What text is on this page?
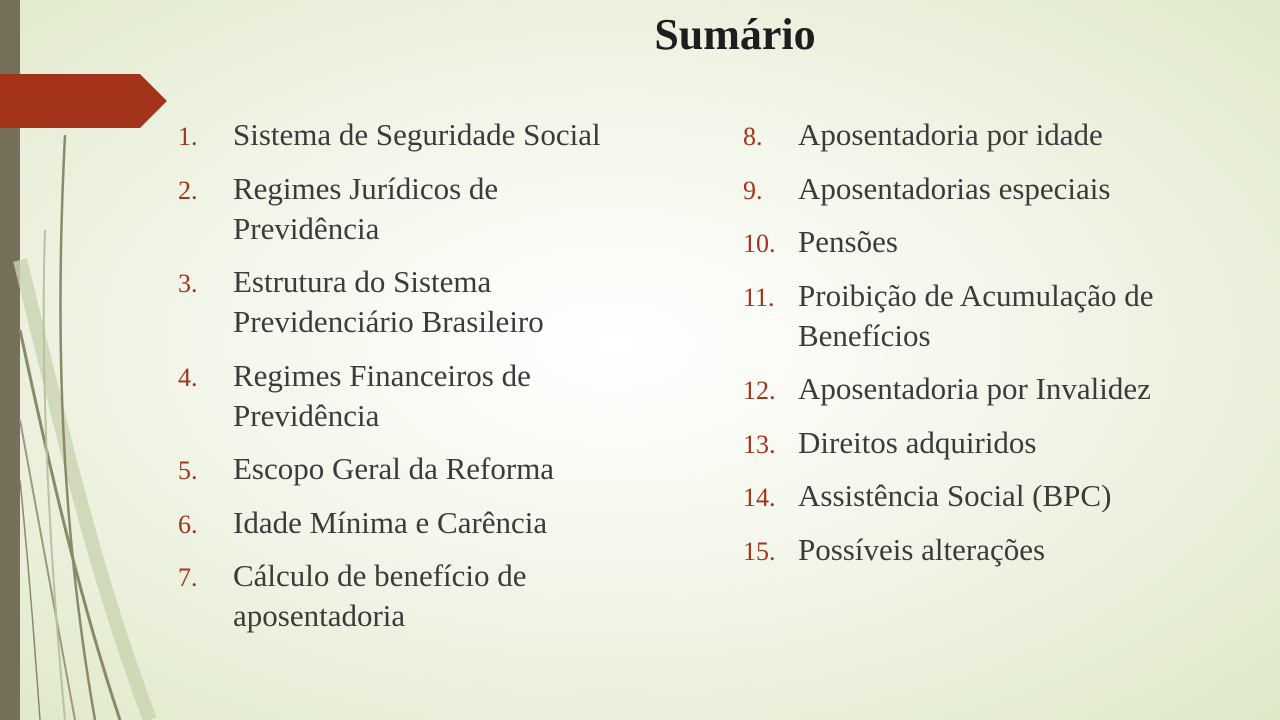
Sumário
1.	Sistema de Seguridade Social
2.	Regimes Jurídicos de Previdência
3.	Estrutura do Sistema Previdenciário Brasileiro
4.	Regimes Financeiros de Previdência
5.	Escopo Geral da Reforma
6.	Idade Mínima e Carência
7.	Cálculo de benefício de aposentadoria
8.	Aposentadoria por idade
9.	Aposentadorias especiais
10. Pensões
11. Proibição de Acumulação de Benefícios
12. Aposentadoria por Invalidez
13. Direitos adquiridos
14. Assistência Social (BPC)
15. Possíveis alterações
